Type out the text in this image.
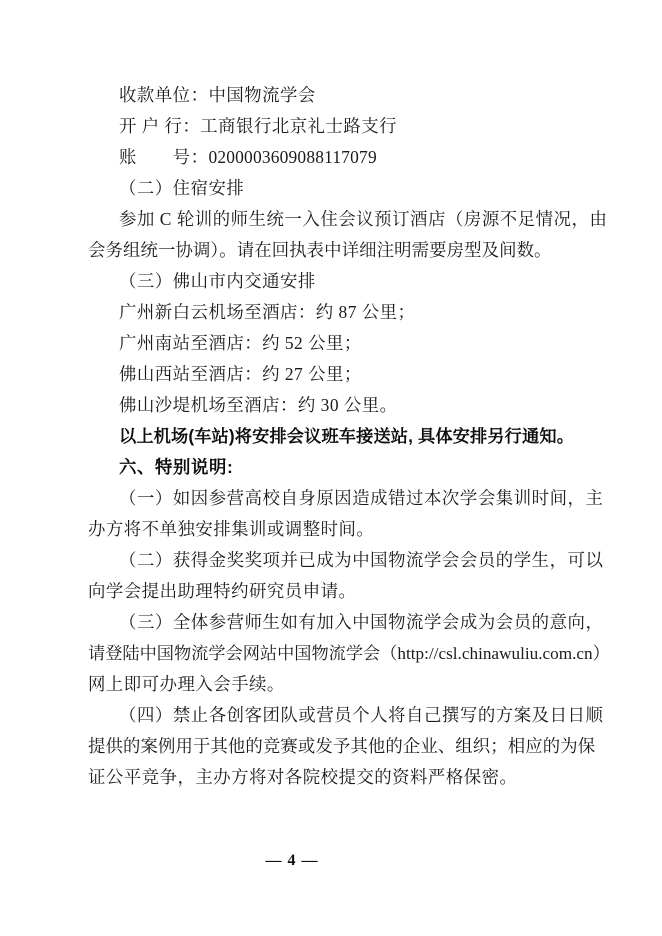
收款单位：中国物流学会
开 户 行：工商银行北京礼士路支行
账　　号：0200003609088117079
（二）住宿安排
参加 C 轮训的师生统一入住会议预订酒店（房源不足情况，由
会务组统一协调）。请在回执表中详细注明需要房型及间数。
（三）佛山市内交通安排
广州新白云机场至酒店：约 87 公里；
广州南站至酒店：约 52 公里；
佛山西站至酒店：约 27 公里；
佛山沙堤机场至酒店：约 30 公里。
以上机场(车站)将安排会议班车接送站, 具体安排另行通知。
六、特别说明:
（一）如因参营高校自身原因造成错过本次学会集训时间，主
办方将不单独安排集训或调整时间。
（二）获得金奖奖项并已成为中国物流学会会员的学生，可以
向学会提出助理特约研究员申请。
（三）全体参营师生如有加入中国物流学会成为会员的意向，
请登陆中国物流学会网站中国物流学会（http://csl.chinawuliu.com.cn）
网上即可办理入会手续。
（四）禁止各创客团队或营员个人将自己撰写的方案及日日顺
提供的案例用于其他的竞赛或发予其他的企业、组织；相应的为保
证公平竞争，主办方将对各院校提交的资料严格保密。
— 4 —
